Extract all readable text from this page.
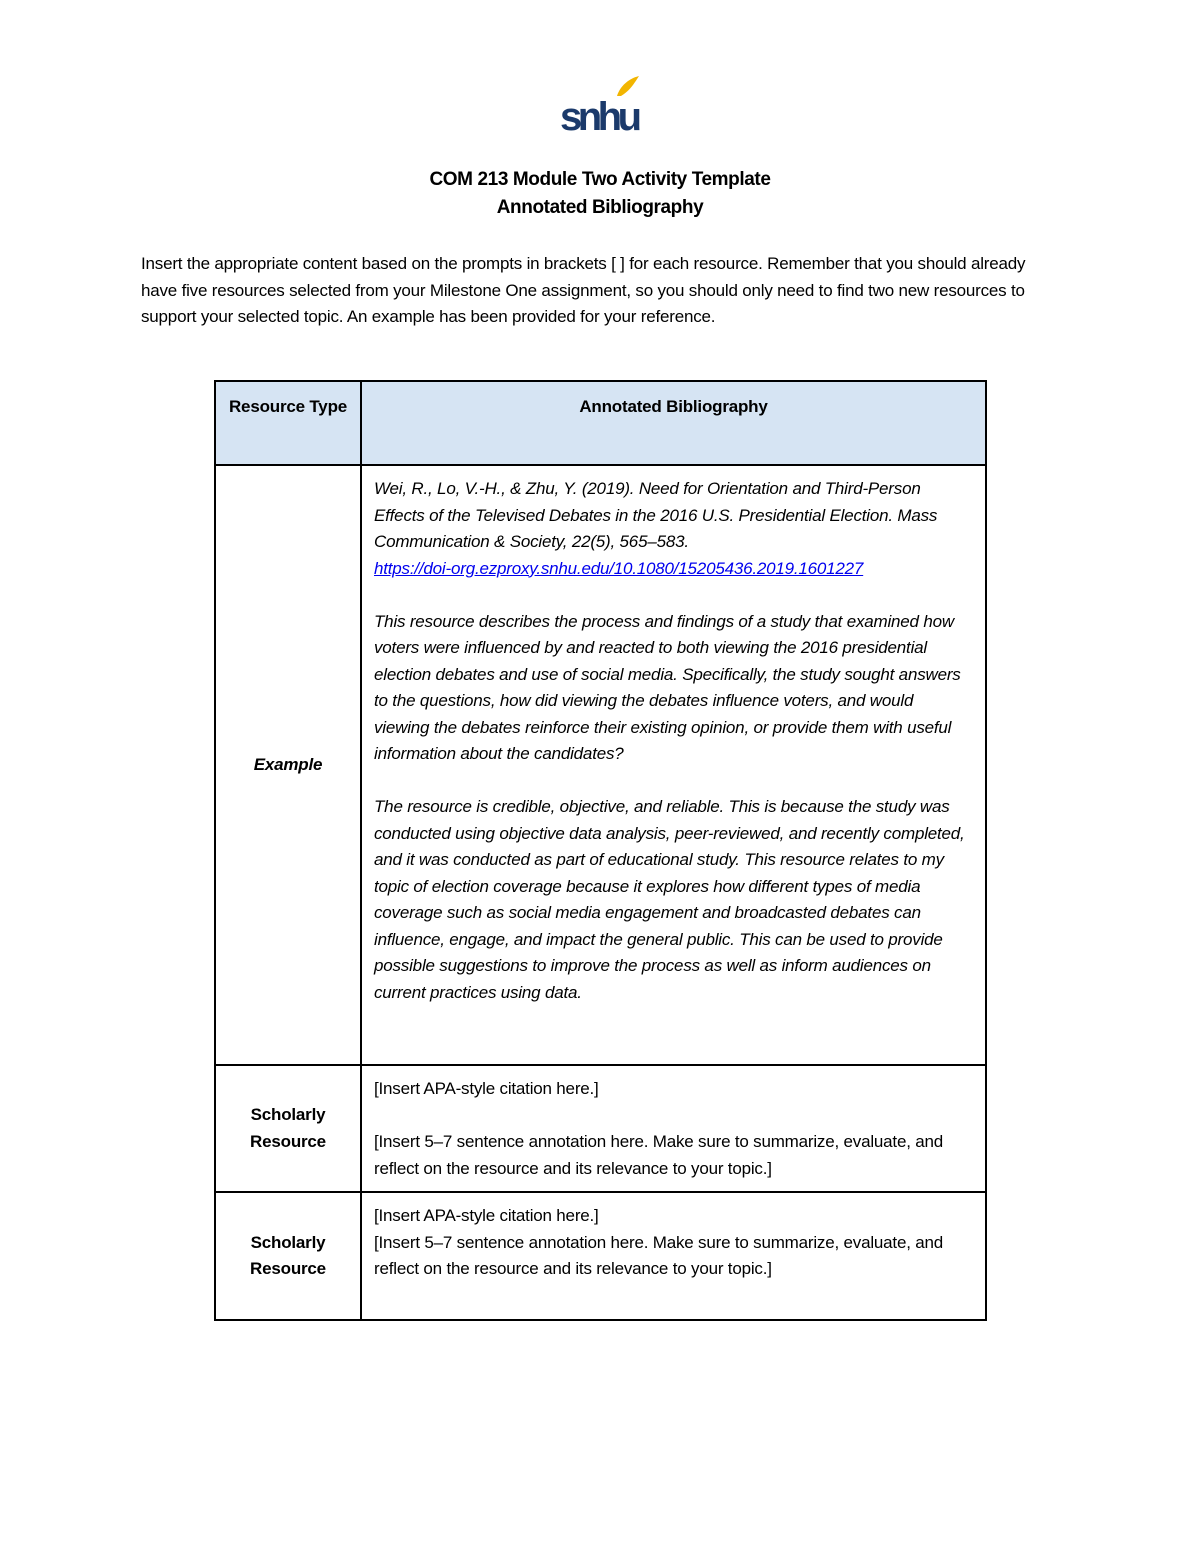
snhu
COM 213 Module Two Activity Template
Annotated Bibliography
Insert the appropriate content based on the prompts in brackets [ ] for each resource. Remember that you should already have five resources selected from your Milestone One assignment, so you should only need to find two new resources to support your selected topic. An example has been provided for your reference.
Resource Type	Annotated Bibliography
Example	Wei, R., Lo, V.-H., & Zhu, Y. (2019). Need for Orientation and Third-Person Effects of the Televised Debates in the 2016 U.S. Presidential Election. Mass Communication & Society, 22(5), 565–583.
https://doi-org.ezproxy.snhu.edu/10.1080/15205436.2019.1601227

This resource describes the process and findings of a study that examined how voters were influenced by and reacted to both viewing the 2016 presidential election debates and use of social media. Specifically, the study sought answers to the questions, how did viewing the debates influence voters, and would viewing the debates reinforce their existing opinion, or provide them with useful information about the candidates?

The resource is credible, objective, and reliable. This is because the study was conducted using objective data analysis, peer-reviewed, and recently completed, and it was conducted as part of educational study. This resource relates to my topic of election coverage because it explores how different types of media coverage such as social media engagement and broadcasted debates can influence, engage, and impact the general public. This can be used to provide possible suggestions to improve the process as well as inform audiences on current practices using data.

Scholarly Resource	[Insert APA-style citation here.]

[Insert 5–7 sentence annotation here. Make sure to summarize, evaluate, and reflect on the resource and its relevance to your topic.]

Scholarly Resource	[Insert APA-style citation here.]
[Insert 5–7 sentence annotation here. Make sure to summarize, evaluate, and reflect on the resource and its relevance to your topic.]
